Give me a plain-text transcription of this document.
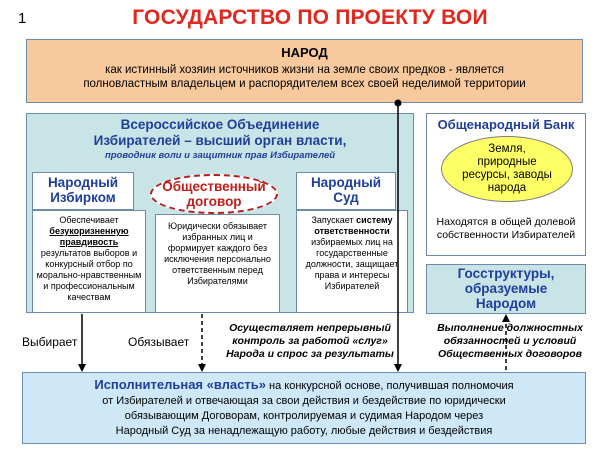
1	ГОСУДАРСТВО ПО ПРОЕКТУ ВОИ
НАРОД
как истинный хозяин источников жизни на земле своих предков - является
полновластным владельцем и распорядителем всех своей неделимой территории
Всероссийское Объединение
Избирателей – высший орган власти,
проводник воли и защитник прав Избирателей
Народный
Избирком
Обеспечивает
безукоризненную правдивость
результатов выборов и конкурсный отбор по морально-нравственным и профессиональным качествам
Общественный
договор
Юридически обязывает избранных лиц и формирует каждого без исключения персонально ответственным перед Избирателями
Народный
Суд
Запускает систему ответственности
избираемых лиц на государственные должности, защищает права и интересы Избирателей
Общенародный Банк
Земля,
природные
ресурсы, заводы
народа
Находятся в общей долевой
собственности Избирателей
Госструктуры,
образуемые
Народом
Выбирает	Обязывает
Осуществляет непрерывный
контроль за работой «слуг»
Народа и спрос за результаты
Выполнение должностных
обязанностей и условий
Общественных договоров
Исполнительная «власть» на конкурсной основе, получившая полномочия
от Избирателей и отвечающая за свои действия и бездействие по юридически
обязывающим Договорам, контролируемая и судимая Народом через
Народный Суд за ненадлежащую работу, любые действия и бездействия
